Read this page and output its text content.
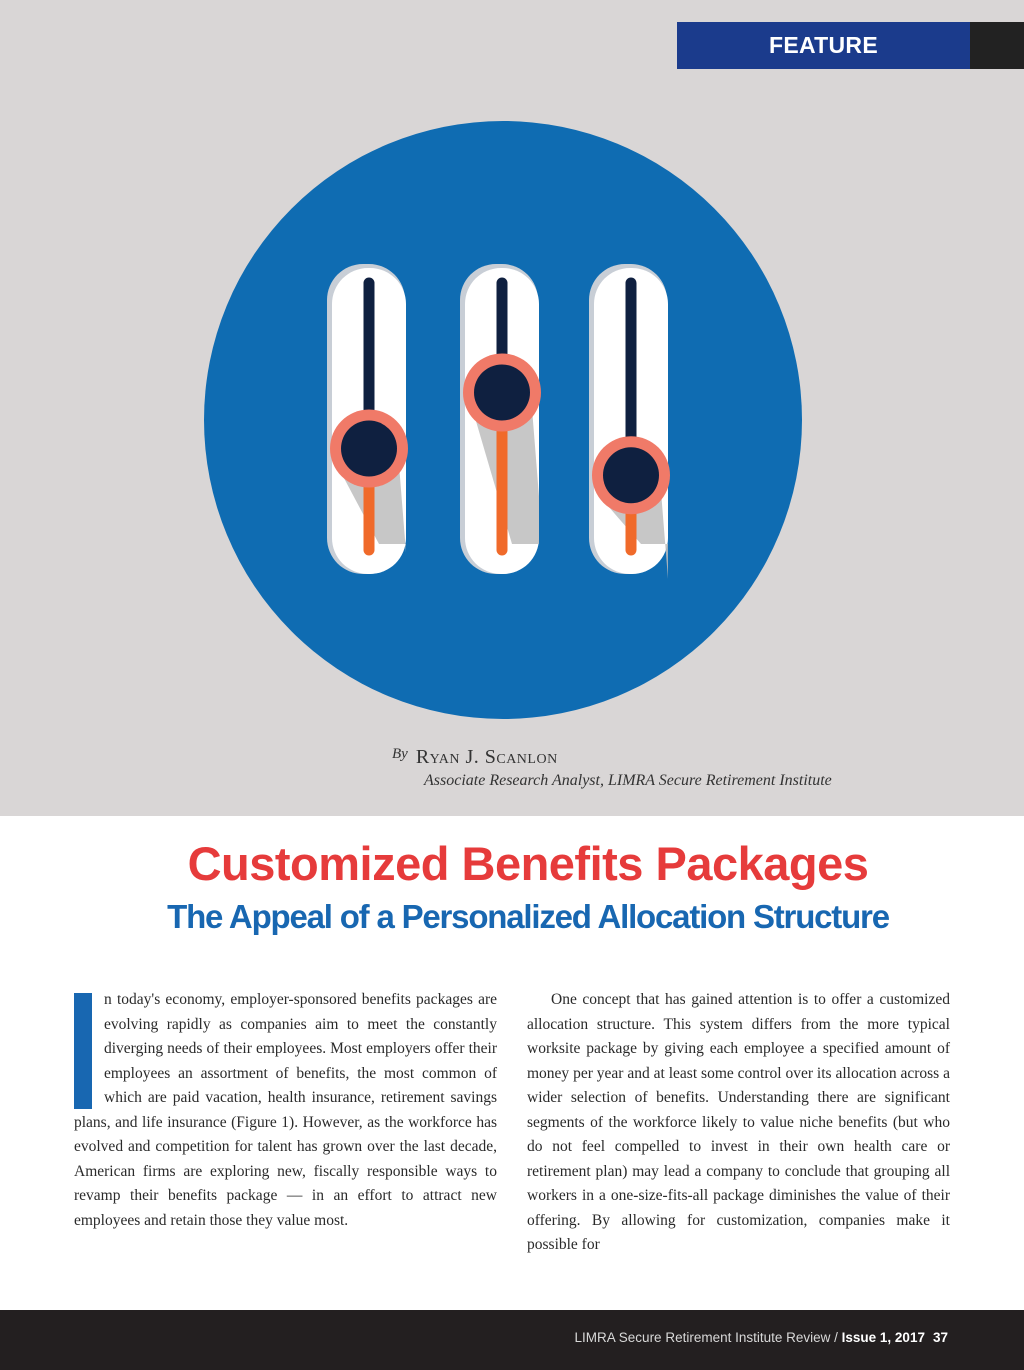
FEATURE
By Ryan J. Scanlon
Associate Research Analyst, LIMRA Secure Retirement Institute
Customized Benefits Packages
The Appeal of a Personalized Allocation Structure
n today's economy, employer-sponsored benefits packages are evolving rapidly as companies aim to meet the constantly diverging needs of their employees. Most employers offer their employees an assortment of benefits, the most common of which are paid vacation, health insurance, retirement savings plans, and life insurance (Figure 1). However, as the workforce has evolved and competition for talent has grown over the last decade, American firms are exploring new, fiscally responsible ways to revamp their benefits package — in an effort to attract new employees and retain those they value most.
One concept that has gained attention is to offer a customized allocation structure. This system differs from the more typical worksite package by giving each employee a specified amount of money per year and at least some control over its allocation across a wider selection of benefits. Understanding there are significant segments of the workforce likely to value niche benefits (but who do not feel compelled to invest in their own health care or retirement plan) may lead a company to conclude that grouping all workers in a one-size-fits-all package diminishes the value of their offering. By allowing for customization, companies make it possible for
LIMRA Secure Retirement Institute Review / Issue 1, 2017 37
